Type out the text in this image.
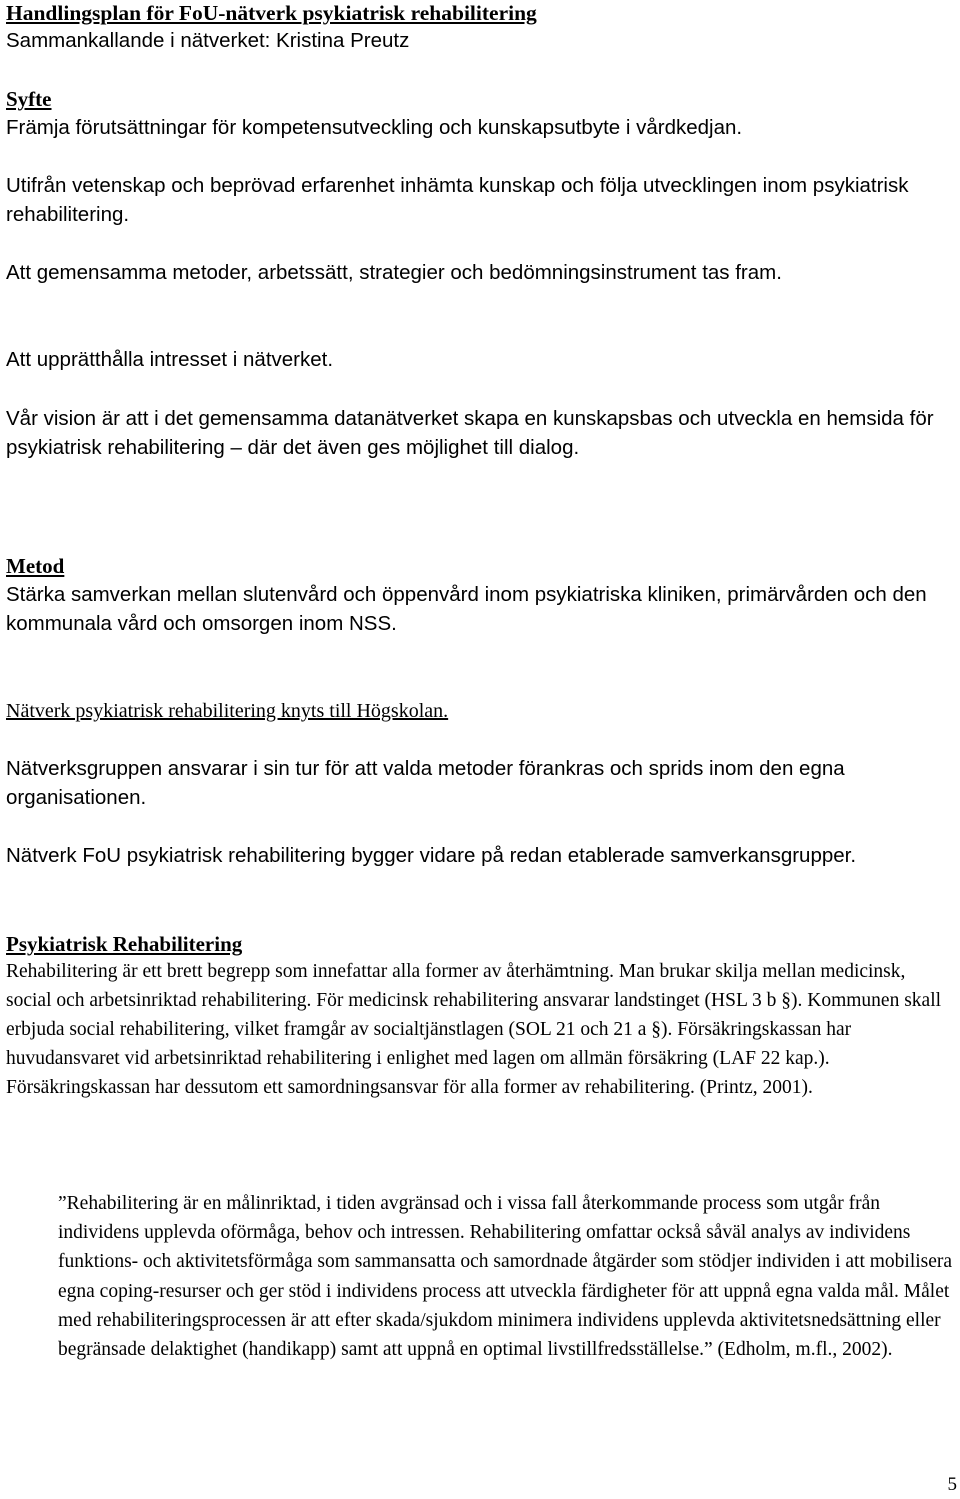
Handlingsplan för FoU-nätverk psykiatrisk rehabilitering
Sammankallande i nätverket: Kristina Preutz
Syfte

Främja förutsättningar för kompetensutveckling och kunskapsutbyte i vårdkedjan.

Utifrån vetenskap och beprövad erfarenhet inhämta kunskap och följa utvecklingen inom psykiatrisk rehabilitering.

Att gemensamma metoder, arbetssätt, strategier och bedömningsinstrument tas fram.

Att upprätthålla intresset i nätverket.

Vår vision är att i det gemensamma datanätverket skapa en kunskapsbas och utveckla en hemsida för psykiatrisk rehabilitering – där det även ges möjlighet till dialog.

Metod

Stärka samverkan mellan slutenvård och öppenvård inom psykiatriska kliniken, primärvården och den kommunala vård och omsorgen inom NSS.

Nätverk psykiatrisk rehabilitering knyts till Högskolan.

Nätverksgruppen ansvarar i sin tur för att valda metoder förankras och sprids inom den egna organisationen.

Nätverk FoU psykiatrisk rehabilitering bygger vidare på redan etablerade samverkansgrupper.

Psykiatrisk Rehabilitering

Rehabilitering är ett brett begrepp som innefattar alla former av återhämtning. Man brukar skilja mellan medicinsk, social och arbetsinriktad rehabilitering. För medicinsk rehabilitering ansvarar landstinget (HSL 3 b §). Kommunen skall erbjuda social rehabilitering, vilket framgår av socialtjänstlagen (SOL 21 och 21 a §). Försäkringskassan har huvudansvaret vid arbetsinriktad rehabilitering i enlighet med lagen om allmän försäkring (LAF 22 kap.). Försäkringskassan har dessutom ett samordningsansvar för alla former av rehabilitering. (Printz, 2001).

”Rehabilitering är en målinriktad, i tiden avgränsad och i vissa fall återkommande process som utgår från individens upplevda oförmåga, behov och intressen. Rehabilitering omfattar också såväl analys av individens funktions- och aktivitetsförmåga som sammansatta och samordnade åtgärder som stödjer individen i att mobilisera egna coping-resurser och ger stöd i individens process att utveckla färdigheter för att uppnå egna valda mål. Målet med rehabiliteringsprocessen är att efter skada/sjukdom minimera individens upplevda aktivitetsnedsättning eller begränsade delaktighet (handikapp) samt att uppnå en optimal livstillfredsställelse.” (Edholm, m.fl., 2002).

5
